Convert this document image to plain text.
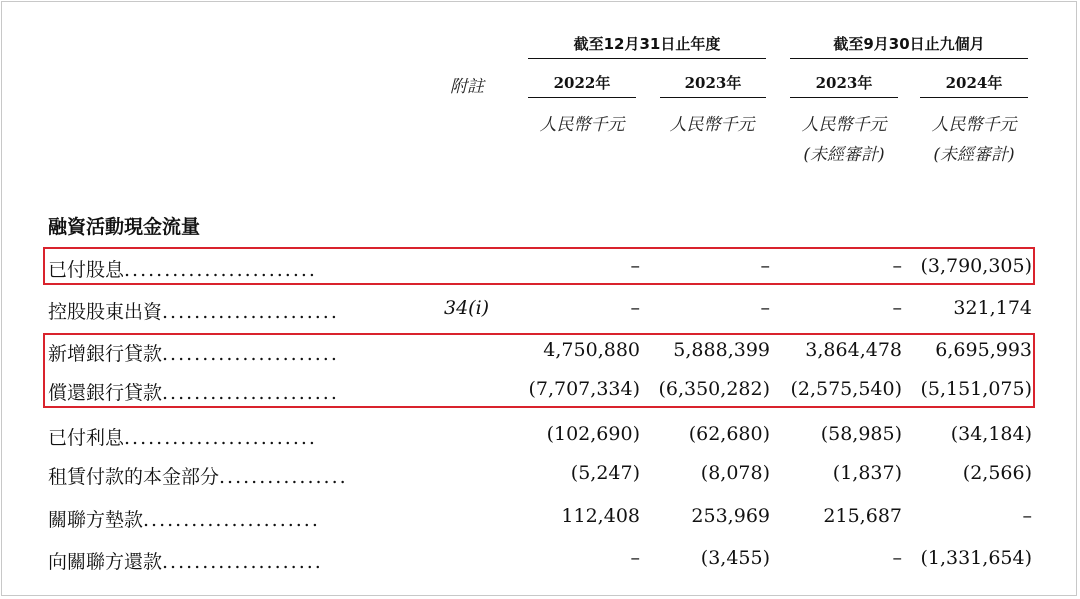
截至12月31日止年度	截至9月30日止九個月
附註	2022年	2023年	2023年	2024年
人民幣千元	人民幣千元	人民幣千元	人民幣千元
(未經審計)	(未經審計)
融資活動現金流量
已付股息........................	–	–	– (3,790,305)
控股股東出資......................	34(i)	–	–	–	321,174
新增銀行貸款......................	4,750,880	5,888,399	3,864,478	6,695,993
償還銀行貸款......................	(7,707,334) (6,350,282)	(2,575,540) (5,151,075)
已付利息........................	(102,690)	(62,680)	(58,985)	(34,184)
租賃付款的本金部分................	(5,247)	(8,078)	(1,837)	(2,566)
關聯方墊款......................	112,408	253,969	215,687	–
向關聯方還款....................	–	(3,455)	– (1,331,654)
